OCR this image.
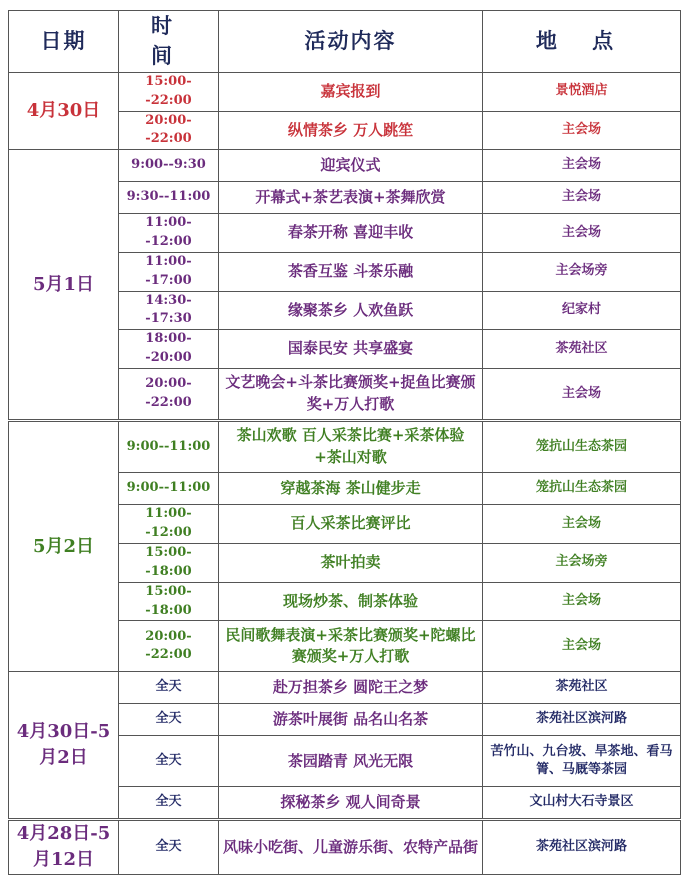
日期	时 间	活动内容	地 点
4月30日	15:00--22:00	嘉宾报到	景悦酒店
	20:00--22:00	纵情茶乡 万人跳笙	主会场
5月1日	9:00--9:30	迎宾仪式	主会场
	9:30--11:00	开幕式+茶艺表演+茶舞欣赏	主会场
	11:00--12:00	春茶开称 喜迎丰收	主会场
	11:00--17:00	茶香互鉴 斗茶乐融	主会场旁
	14:30--17:30	缘聚茶乡 人欢鱼跃	纪家村
	18:00--20:00	国泰民安 共享盛宴	茶苑社区
	20:00--22:00	文艺晚会+斗茶比赛颁奖+捉鱼比赛颁奖+万人打歌	主会场
5月2日	9:00--11:00	茶山欢歌 百人采茶比赛+采茶体验+茶山对歌	笼抗山生态茶园
	9:00--11:00	穿越茶海 茶山健步走	笼抗山生态茶园
	11:00--12:00	百人采茶比赛评比	主会场
	15:00--18:00	茶叶拍卖	主会场旁
	15:00--18:00	现场炒茶、制茶体验	主会场
	20:00--22:00	民间歌舞表演+采茶比赛颁奖+陀螺比赛颁奖+万人打歌	主会场
4月30日-5月2日	全天	赴万担茶乡 圆陀王之梦	茶苑社区
	全天	游茶叶展街 品名山名茶	茶苑社区滨河路
	全天	茶园踏青 风光无限	苦竹山、九台坡、旱茶地、看马箐、马厩等茶园
	全天	探秘茶乡 观人间奇景	文山村大石寺景区
4月28日-5月12日	全天	风味小吃街、儿童游乐街、农特产品街	茶苑社区滨河路
